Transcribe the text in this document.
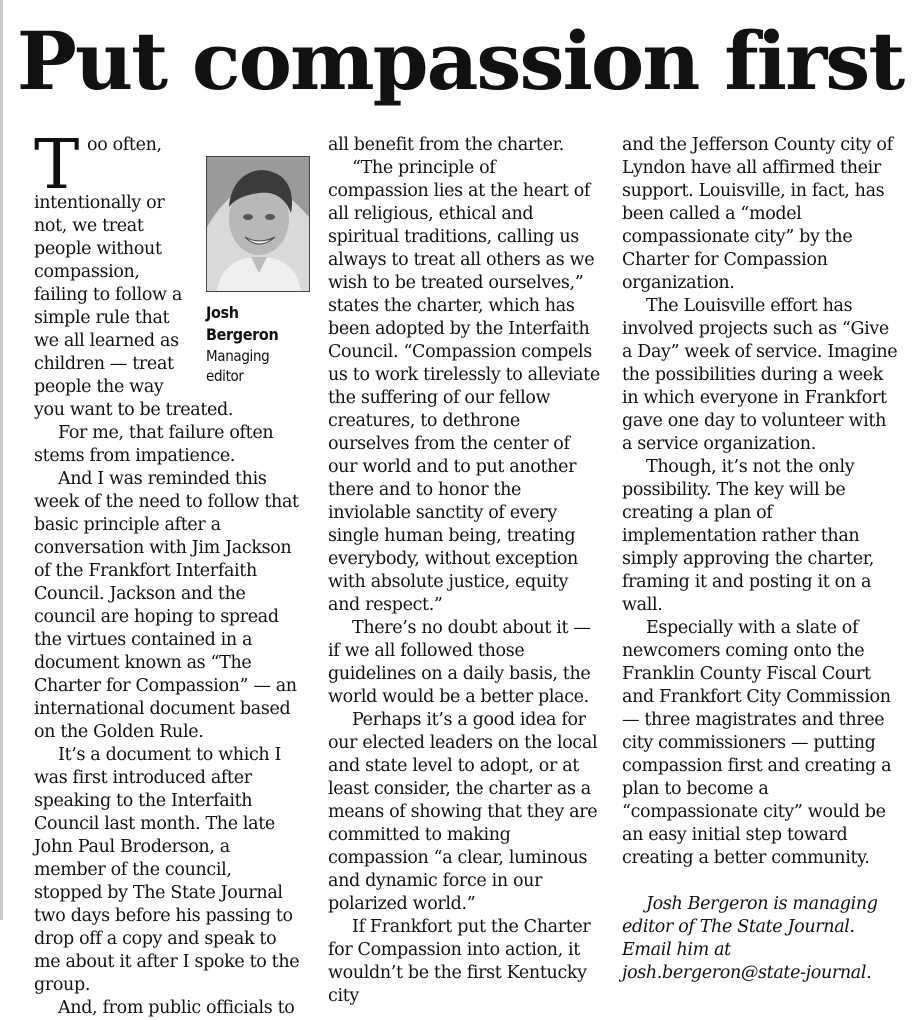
Put compassion first
Josh
Bergeron
Managing
editor

Too often, intentionally or not, we treat people without compassion, failing to follow a simple rule that we all learned as children — treat people the way you want to be treated.

For me, that failure often stems from impatience.

And I was reminded this week of the need to follow that basic principle after a conversation with Jim Jackson of the Frankfort Interfaith Council. Jackson and the council are hoping to spread the virtues contained in a document known as “The Charter for Compassion” — an international document based on the Golden Rule.

It’s a document to which I was first introduced after speaking to the Interfaith Council last month. The late John Paul Broderson, a member of the council, stopped by The State Journal two days before his passing to drop off a copy and speak to me about it after I spoke to the group.

And, from public officials to

all benefit from the charter.

“The principle of compassion lies at the heart of all religious, ethical and spiritual traditions, calling us always to treat all others as we wish to be treated ourselves,” states the charter, which has been adopted by the Interfaith Council. “Compassion compels us to work tirelessly to alleviate the suffering of our fellow creatures, to dethrone ourselves from the center of our world and to put another there and to honor the inviolable sanctity of every single human being, treating everybody, without exception with absolute justice, equity and respect.”

There’s no doubt about it — if we all followed those guidelines on a daily basis, the world would be a better place.

Perhaps it’s a good idea for our elected leaders on the local and state level to adopt, or at least consider, the charter as a means of showing that they are committed to making compassion “a clear, luminous and dynamic force in our polarized world.”

If Frankfort put the Charter for Compassion into action, it wouldn’t be the first Kentucky city

and the Jefferson County city of Lyndon have all affirmed their support. Louisville, in fact, has been called a “model compassionate city” by the Charter for Compassion organization.

The Louisville effort has involved projects such as “Give a Day” week of service. Imagine the possibilities during a week in which everyone in Frankfort gave one day to volunteer with a service organization.

Though, it’s not the only possibility. The key will be creating a plan of implementation rather than simply approving the charter, framing it and posting it on a wall.

Especially with a slate of newcomers coming onto the Franklin County Fiscal Court and Frankfort City Commission — three magistrates and three city commissioners — putting compassion first and creating a plan to become a “compassionate city” would be an easy initial step toward creating a better community.

Josh Bergeron is managing editor of The State Journal. Email him at josh.bergeron@state-journal.
